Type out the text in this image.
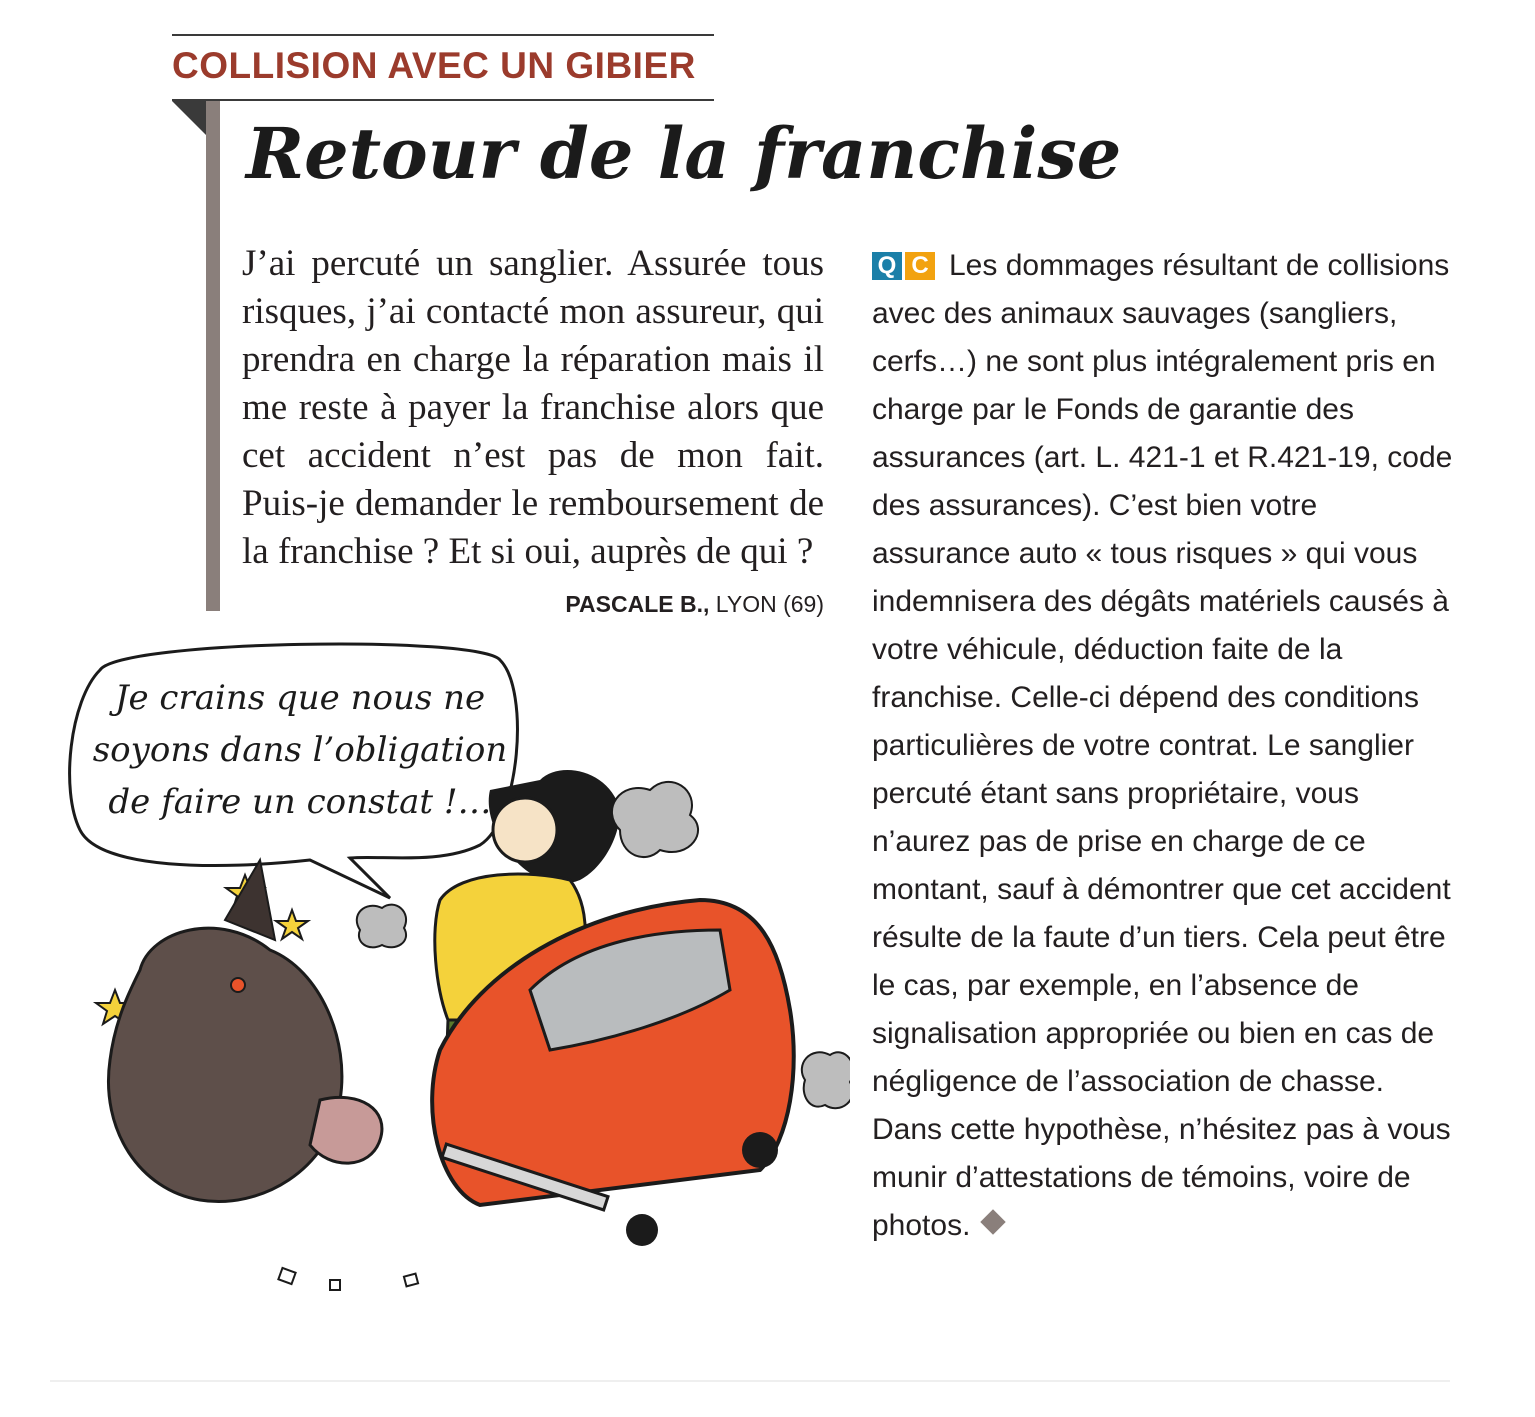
COLLISION AVEC UN GIBIER
Retour de la franchise
J’ai percuté un sanglier. Assurée tous risques, j’ai contacté mon assureur, qui prendra en charge la réparation mais il me reste à payer la franchise alors que cet accident n’est pas de mon fait. Puis-je demander le remboursement de la franchise ? Et si oui, auprès de qui ?
PASCALE B., LYON (69)
Q C Les dommages résultant de collisions avec des animaux sauvages (sangliers, cerfs…) ne sont plus intégralement pris en charge par le Fonds de garantie des assurances (art. L. 421-1 et R.421-19, code des assurances). C’est bien votre assurance auto « tous risques » qui vous indemnisera des dégâts matériels causés à votre véhicule, déduction faite de la franchise. Celle-ci dépend des conditions particulières de votre contrat. Le sanglier percuté étant sans propriétaire, vous n’aurez pas de prise en charge de ce montant, sauf à démontrer que cet accident résulte de la faute d’un tiers. Cela peut être le cas, par exemple, en l’absence de signalisation appropriée ou bien en cas de négligence de l’association de chasse. Dans cette hypothèse, n’hésitez pas à vous munir d’attestations de témoins, voire de photos.
Je crains que nous ne soyons dans l’obligation de faire un constat !…
